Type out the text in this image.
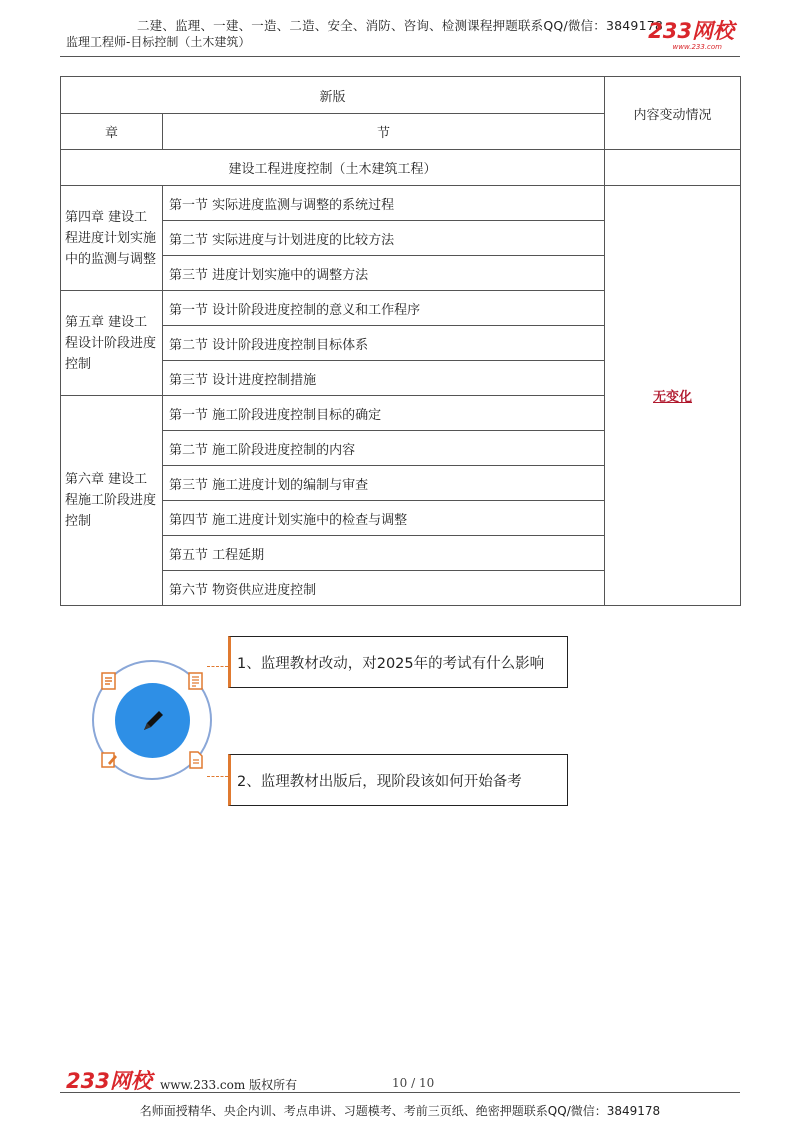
二建、监理、一建、一造、二造、安全、消防、咨询、检测课程押题联系QQ/微信：3849178
监理工程师-目标控制（土木建筑）	233网校
www.233.com
新版		内容变动情况
章	节	
建设工程进度控制（土木建筑工程）		
第四章 建设工程进度计划实施中的监测与调整	第一节 实际进度监测与调整的系统过程	无变化
	第二节 实际进度与计划进度的比较方法	
	第三节 进度计划实施中的调整方法	
第五章 建设工程设计阶段进度控制	第一节 设计阶段进度控制的意义和工作程序	
	第二节 设计阶段进度控制目标体系	
	第三节 设计进度控制措施	
第六章 建设工程施工阶段进度控制	第一节 施工阶段进度控制目标的确定	
	第二节 施工阶段进度控制的内容	
	第三节 施工进度计划的编制与审查	
	第四节 施工进度计划实施中的检查与调整	
	第五节 工程延期	
	第六节 物资供应进度控制	
1、监理教材改动，对2025年的考试有什么影响
2、监理教材出版后，现阶段该如何开始备考
233网校 www.233.com 版权所有	10 / 10
名师面授精华、央企内训、考点串讲、习题模考、考前三页纸、绝密押题联系QQ/微信：3849178
